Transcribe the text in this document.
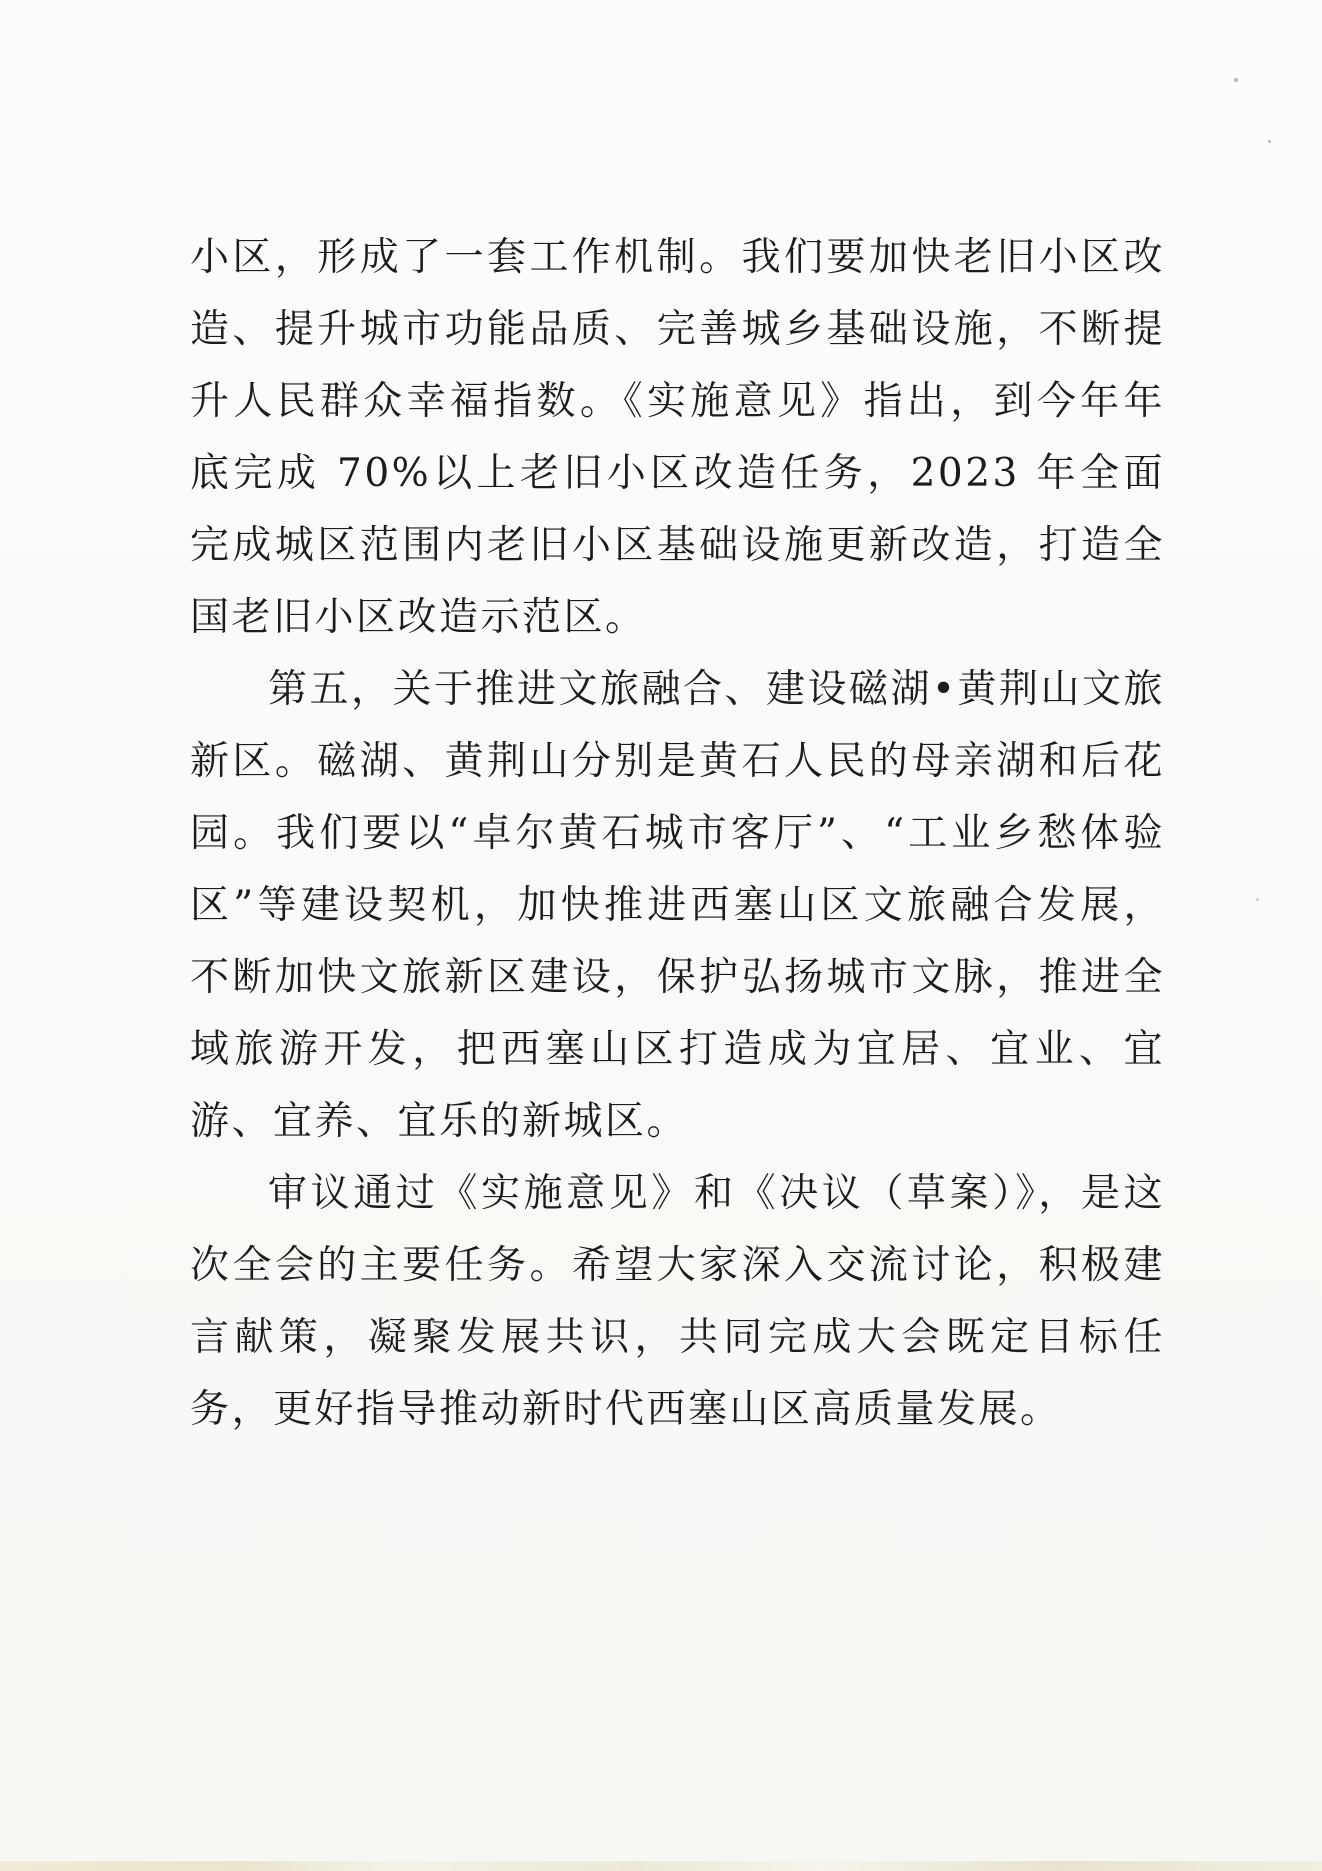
小区，形成了一套工作机制。我们要加快老旧小区改造、提升城市功能品质、完善城乡基础设施，不断提升人民群众幸福指数。《实施意见》指出，到今年年底完成 70%以上老旧小区改造任务，2023 年全面完成城区范围内老旧小区基础设施更新改造，打造全国老旧小区改造示范区。

第五，关于推进文旅融合、建设磁湖•黄荆山文旅新区。磁湖、黄荆山分别是黄石人民的母亲湖和后花园。我们要以“卓尔黄石城市客厅”、“工业乡愁体验区”等建设契机，加快推进西塞山区文旅融合发展，不断加快文旅新区建设，保护弘扬城市文脉，推进全域旅游开发，把西塞山区打造成为宜居、宜业、宜游、宜养、宜乐的新城区。

审议通过《实施意见》和《决议（草案）》，是这次全会的主要任务。希望大家深入交流讨论，积极建言献策，凝聚发展共识，共同完成大会既定目标任务，更好指导推动新时代西塞山区高质量发展。
